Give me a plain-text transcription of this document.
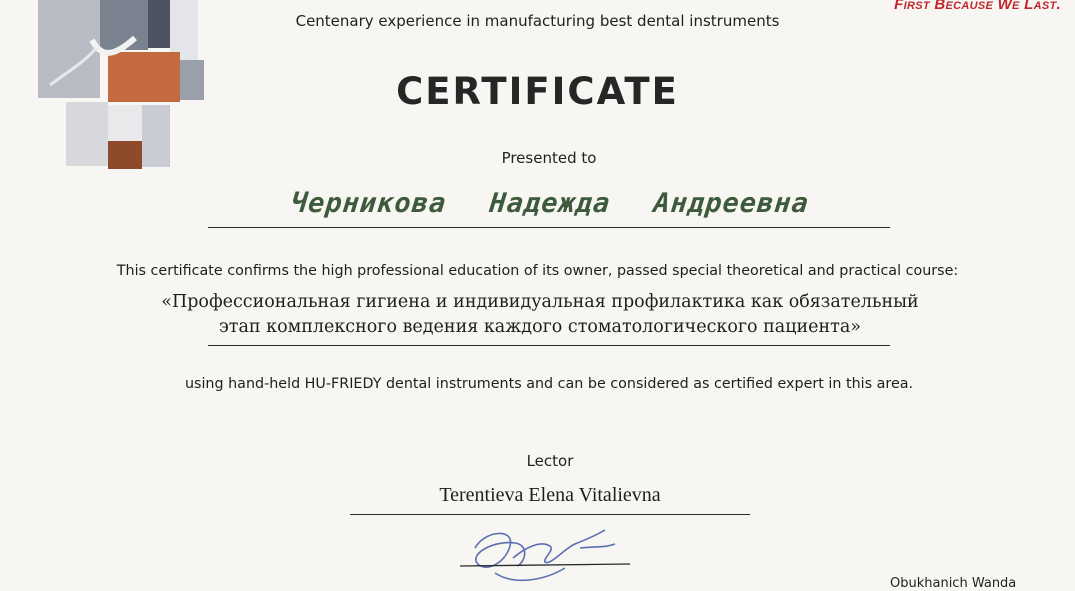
Centenary experience in manufacturing best dental instruments
First Because We Last.
CERTIFICATE
Presented to
Черникова Надежда Андреевна
This certificate confirms the high professional education of its owner, passed special theoretical and practical course:
«Профессиональная гигиена и индивидуальная профилактика как обязательный
этап комплексного ведения каждого стоматологического пациента»
using hand-held HU-FRIEDY dental instruments and can be considered as certified expert in this area.
Lector
Terentieva Elena Vitalievna
Obukhanich Wanda
